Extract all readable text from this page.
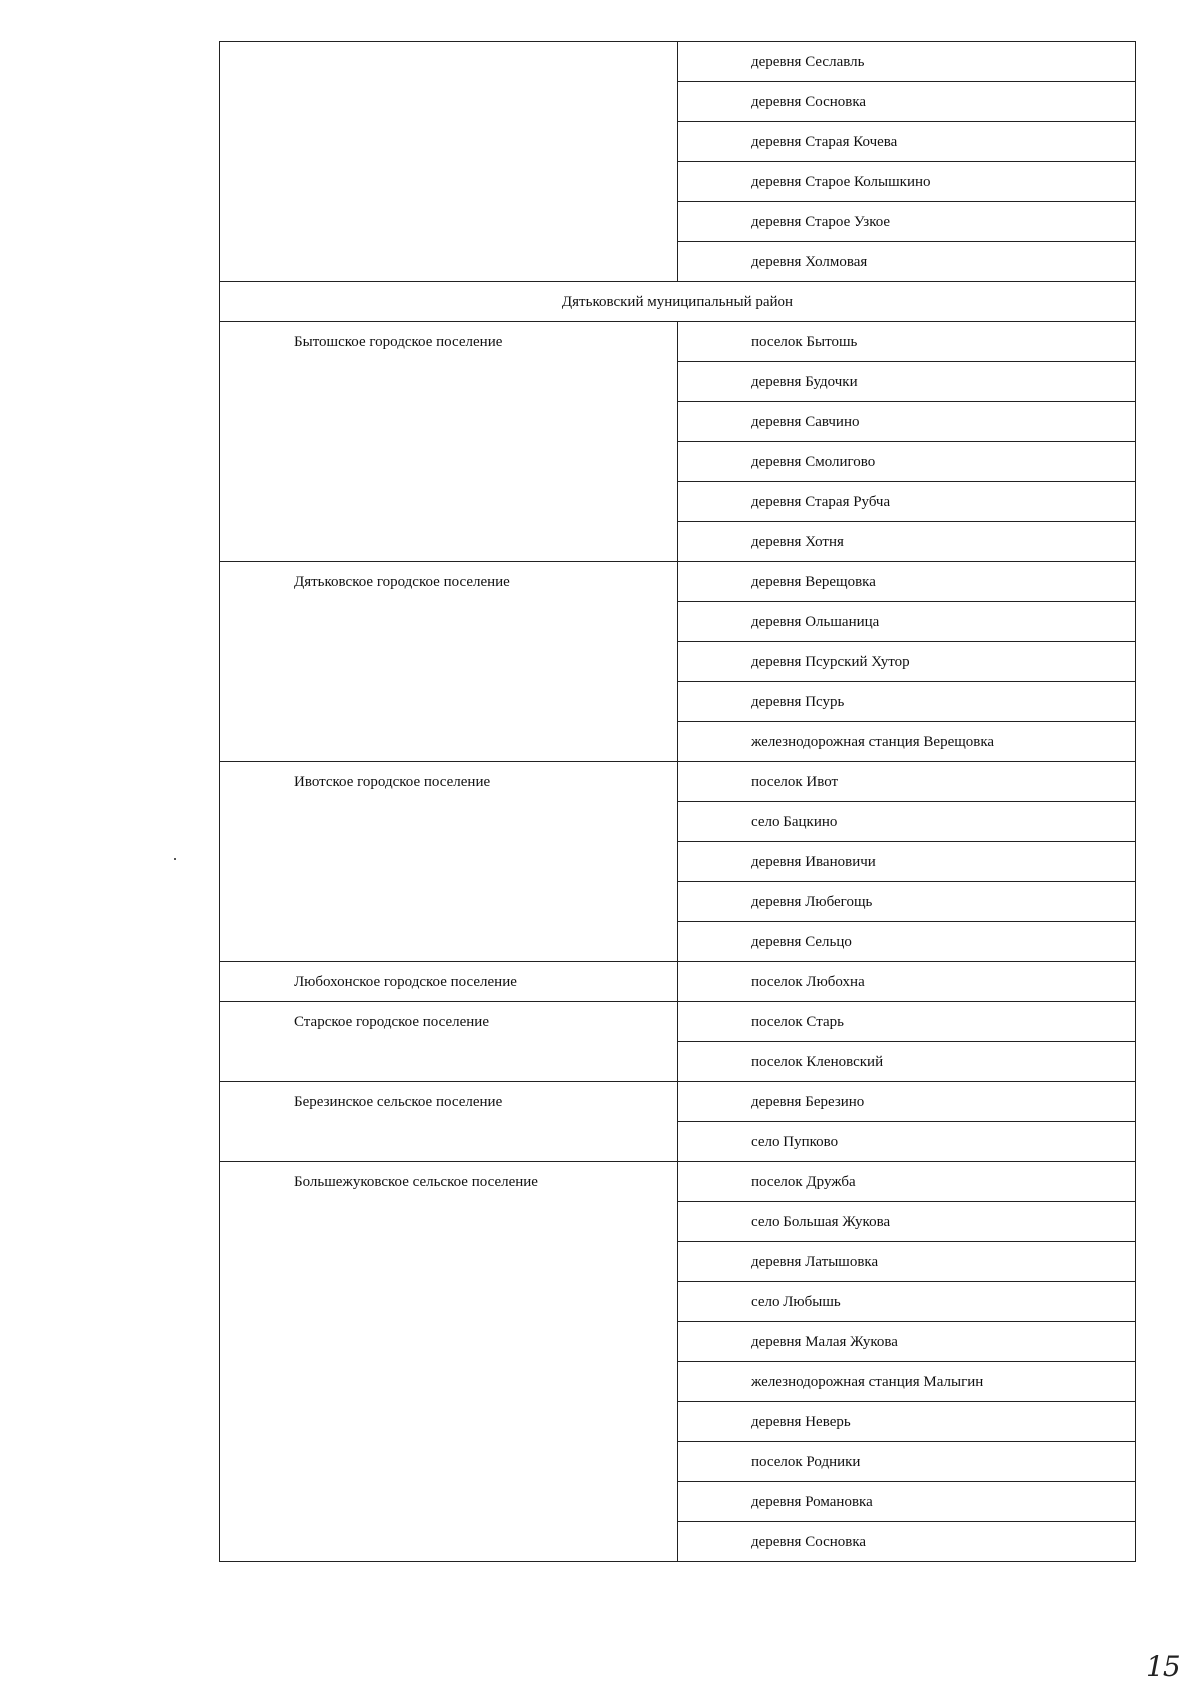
	деревня Сеславль
	деревня Сосновка
	деревня Старая Кочева
	деревня Старое Колышкино
	деревня Старое Узкое
	деревня Холмовая
Дятьковский муниципальный район	
Бытошское городское поселение	поселок Бытошь
	деревня Будочки
	деревня Савчино
	деревня Смолигово
	деревня Старая Рубча
	деревня Хотня
Дятьковское городское поселение	деревня Верещовка
	деревня Ольшаница
	деревня Псурский Хутор
	деревня Псурь
	железнодорожная станция Верещовка
Ивотское городское поселение	поселок Ивот
	село Бацкино
	деревня Ивановичи
	деревня Любегощь
	деревня Сельцо
Любохонское городское поселение	поселок Любохна
Старское городское поселение	поселок Старь
	поселок Кленовский
Березинское сельское поселение	деревня Березино
	село Пупково
Большежуковское сельское поселение	поселок Дружба
	село Большая Жукова
	деревня Латышовка
	село Любышь
	деревня Малая Жукова
	железнодорожная станция Малыгин
	деревня Неверь
	поселок Родники
	деревня Романовка
	деревня Сосновка
15
